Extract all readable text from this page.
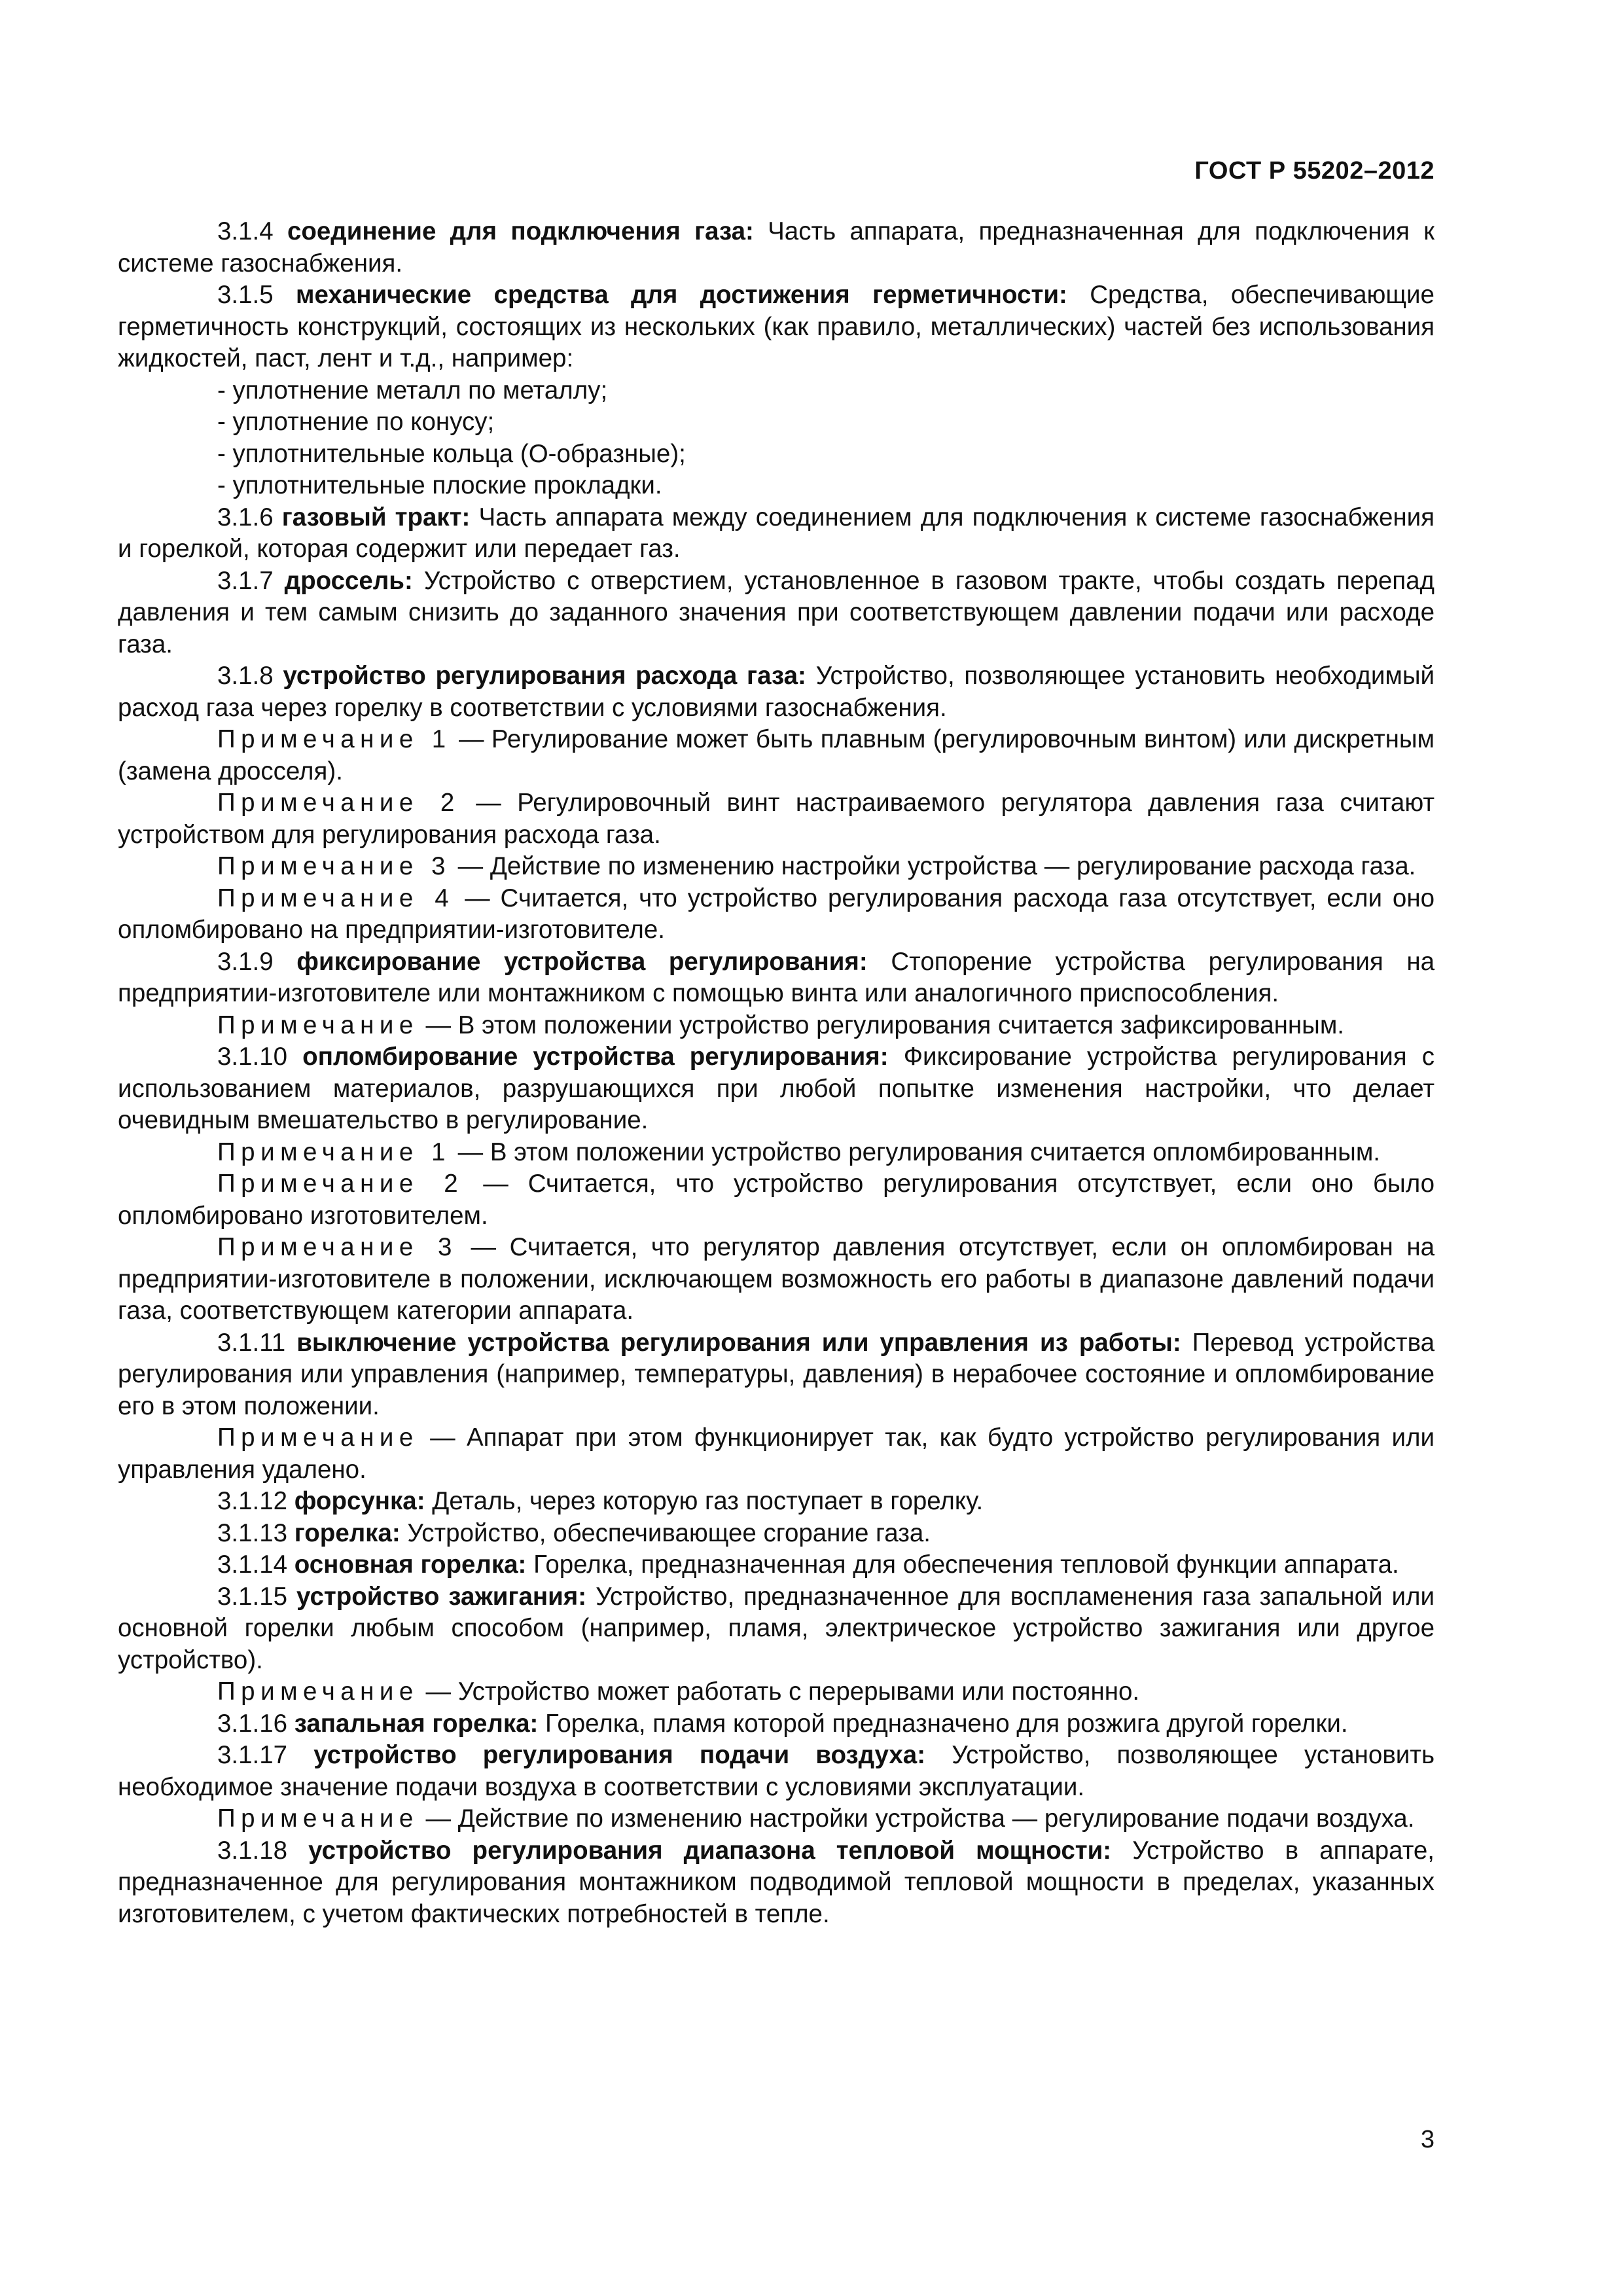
ГОСТ Р 55202–2012

3.1.4 соединение для подключения газа: Часть аппарата, предназначенная для подключения к системе газоснабжения.

3.1.5 механические средства для достижения герметичности: Средства, обеспечивающие герметичность конструкций, состоящих из нескольких (как правило, металлических) частей без использования жидкостей, паст, лент и т.д., например:

- уплотнение металл по металлу;

- уплотнение по конусу;

- уплотнительные кольца (О-образные);

- уплотнительные плоские прокладки.

3.1.6 газовый тракт: Часть аппарата между соединением для подключения к системе газоснабжения и горелкой, которая содержит или передает газ.

3.1.7 дроссель: Устройство с отверстием, установленное в газовом тракте, чтобы создать перепад давления и тем самым снизить до заданного значения при соответствующем давлении подачи или расходе газа.

3.1.8 устройство регулирования расхода газа: Устройство, позволяющее установить необходимый расход газа через горелку в соответствии с условиями газоснабжения.

Примечание 1 — Регулирование может быть плавным (регулировочным винтом) или дискретным (замена дросселя).

Примечание 2 — Регулировочный винт настраиваемого регулятора давления газа считают устройством для регулирования расхода газа.

Примечание 3 — Действие по изменению настройки устройства — регулирование расхода газа.

Примечание 4 — Считается, что устройство регулирования расхода газа отсутствует, если оно опломбировано на предприятии-изготовителе.

3.1.9 фиксирование устройства регулирования: Стопорение устройства регулирования на предприятии-изготовителе или монтажником с помощью винта или аналогичного приспособления.

Примечание — В этом положении устройство регулирования считается зафиксированным.

3.1.10 опломбирование устройства регулирования: Фиксирование устройства регулирования с использованием материалов, разрушающихся при любой попытке изменения настройки, что делает очевидным вмешательство в регулирование.

Примечание 1 — В этом положении устройство регулирования считается опломбированным.

Примечание 2 — Считается, что устройство регулирования отсутствует, если оно было опломбировано изготовителем.

Примечание 3 — Считается, что регулятор давления отсутствует, если он опломбирован на предприятии-изготовителе в положении, исключающем возможность его работы в диапазоне давлений подачи газа, соответствующем категории аппарата.

3.1.11 выключение устройства регулирования или управления из работы: Перевод устройства регулирования или управления (например, температуры, давления) в нерабочее состояние и опломбирование его в этом положении.

Примечание — Аппарат при этом функционирует так, как будто устройство регулирования или управления удалено.

3.1.12 форсунка: Деталь, через которую газ поступает в горелку.

3.1.13 горелка: Устройство, обеспечивающее сгорание газа.

3.1.14 основная горелка: Горелка, предназначенная для обеспечения тепловой функции аппарата.

3.1.15 устройство зажигания: Устройство, предназначенное для воспламенения газа запальной или основной горелки любым способом (например, пламя, электрическое устройство зажигания или другое устройство).

Примечание — Устройство может работать с перерывами или постоянно.

3.1.16 запальная горелка: Горелка, пламя которой предназначено для розжига другой горелки.

3.1.17 устройство регулирования подачи воздуха: Устройство, позволяющее установить необходимое значение подачи воздуха в соответствии с условиями эксплуатации.

Примечание — Действие по изменению настройки устройства — регулирование подачи воздуха.

3.1.18 устройство регулирования диапазона тепловой мощности: Устройство в аппарате, предназначенное для регулирования монтажником подводимой тепловой мощности в пределах, указанных изготовителем, с учетом фактических потребностей в тепле.

3
